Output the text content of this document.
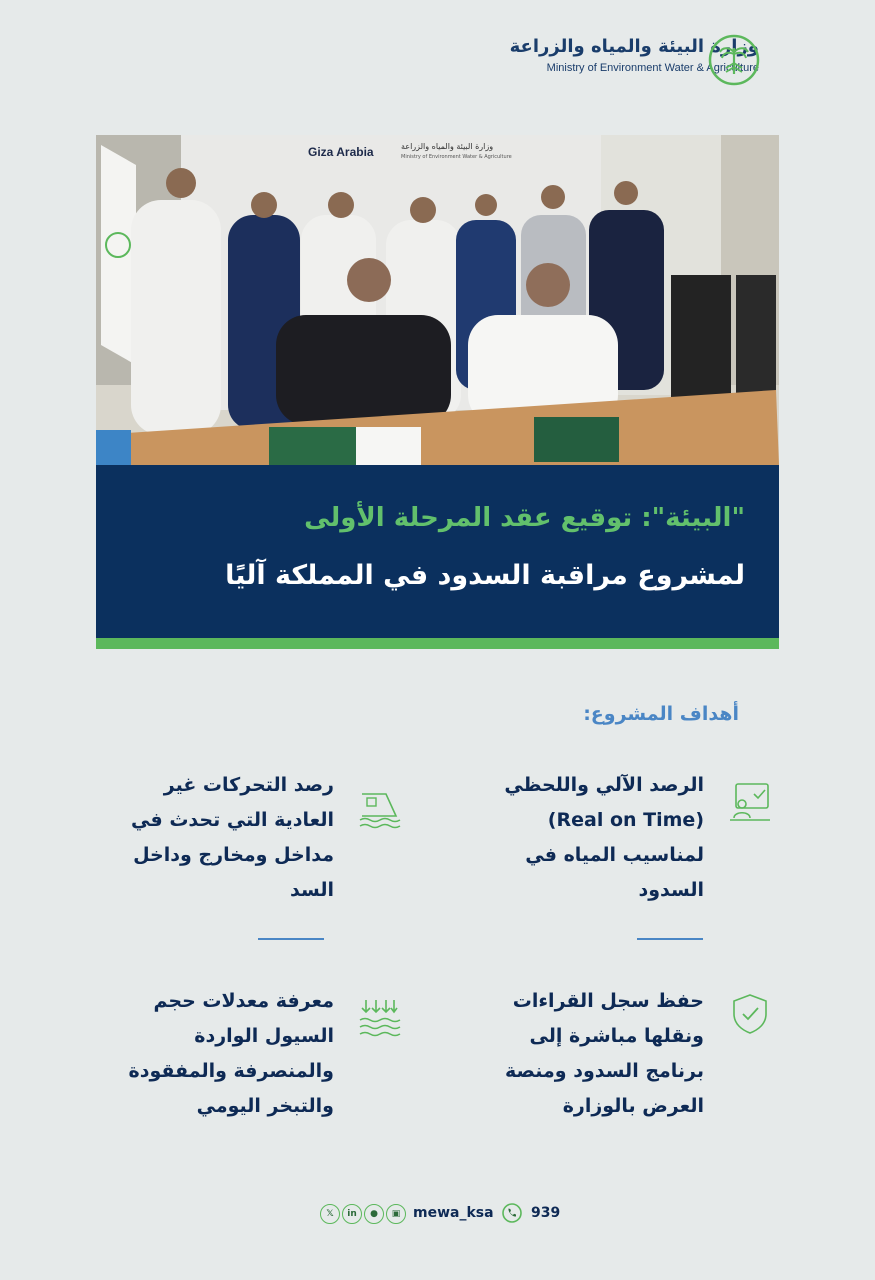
وزارة البيئة والمياه والزراعة
Ministry of Environment Water & Agriculture
Giza Arabia	وزارة البيئة والمياه والزراعة
Ministry of Environment Water & Agriculture
"البيئة": توقيع عقد المرحلة الأولى
لمشروع مراقبة السدود في المملكة آليًا
أهداف المشروع:
الرصد الآلي واللحظي
(Real on Time)
لمناسيب المياه في
السدود
رصد التحركات غير
العادية التي تحدث في
مداخل ومخارج وداخل
السد
حفظ سجل القراءات
ونقلها مباشرة إلى
برنامج السدود ومنصة
العرض بالوزارة
معرفة معدلات حجم
السيول الواردة
والمنصرفة والمفقودة
والتبخر اليومي
𝕏	in	●	▣ mewa_ksa	939
